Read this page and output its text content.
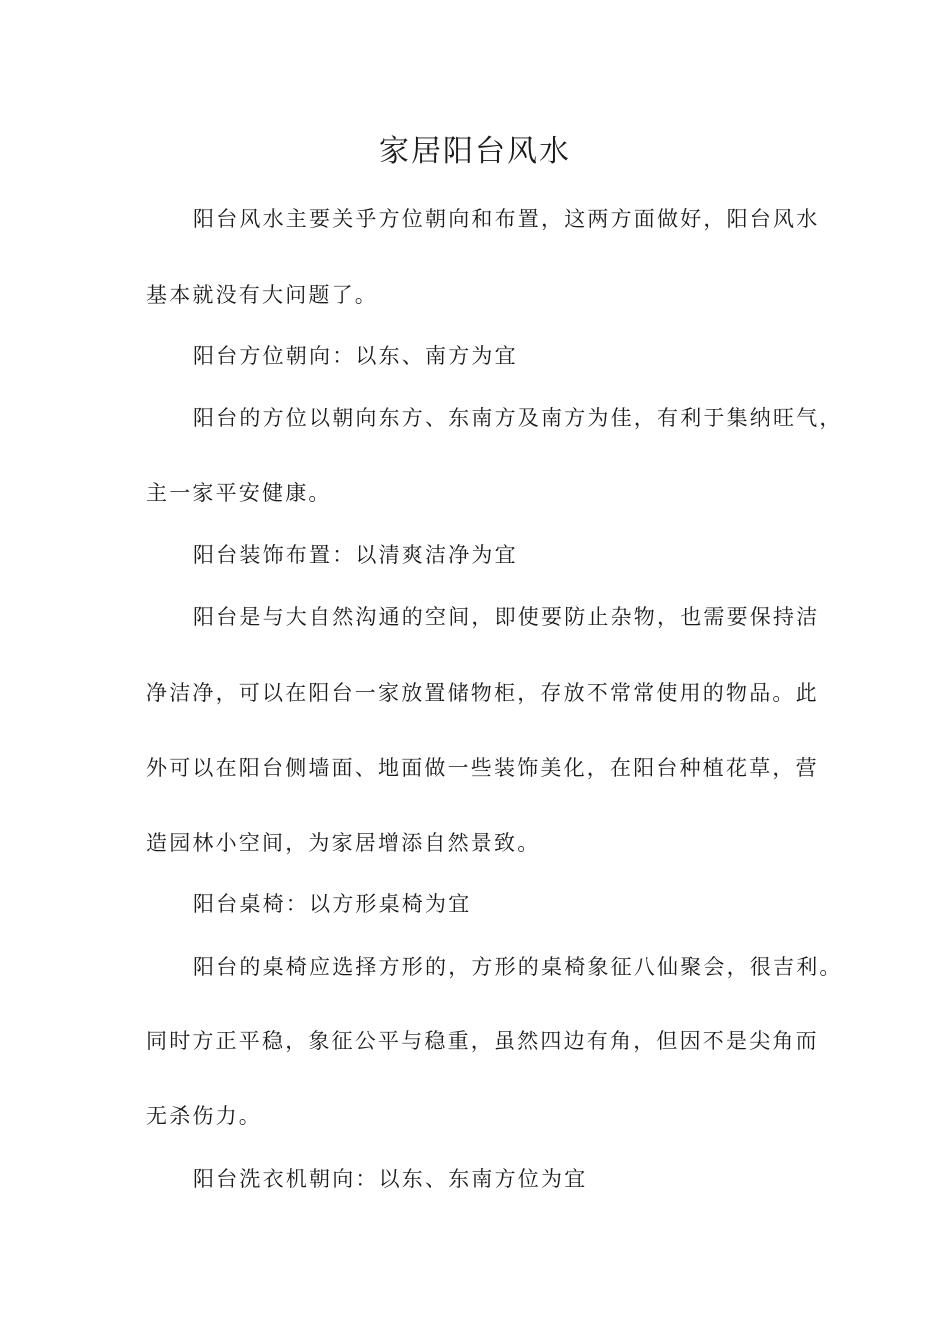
家居阳台风水

阳台风水主要关乎方位朝向和布置，这两方面做好，阳台风水

基本就没有大问题了。

阳台方位朝向：以东、南方为宜

阳台的方位以朝向东方、东南方及南方为佳，有利于集纳旺气，

主一家平安健康。

阳台装饰布置：以清爽洁净为宜

阳台是与大自然沟通的空间，即使要防止杂物，也需要保持洁

净洁净，可以在阳台一家放置储物柜，存放不常常使用的物品。此

外可以在阳台侧墙面、地面做一些装饰美化，在阳台种植花草，营

造园林小空间，为家居增添自然景致。

阳台桌椅：以方形桌椅为宜

阳台的桌椅应选择方形的，方形的桌椅象征八仙聚会，很吉利。

同时方正平稳，象征公平与稳重，虽然四边有角，但因不是尖角而

无杀伤力。

阳台洗衣机朝向：以东、东南方位为宜
